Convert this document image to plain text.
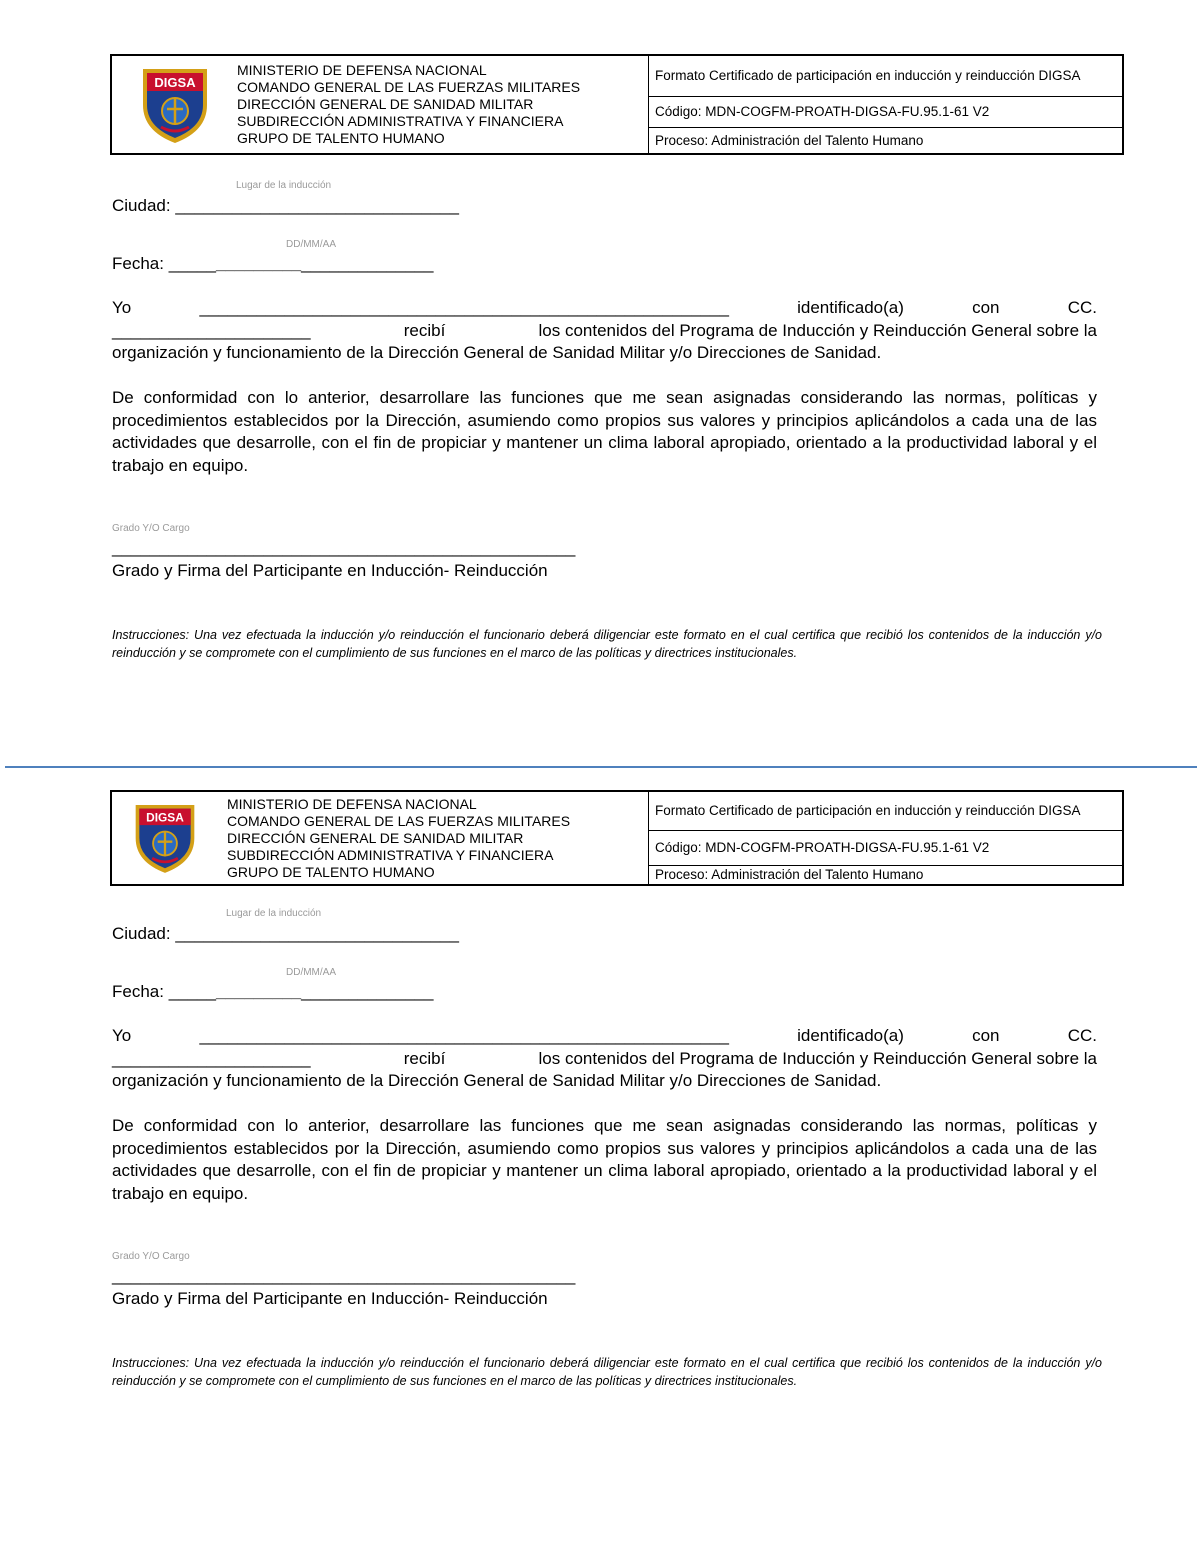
DIGSA
MINISTERIO DE DEFENSA NACIONAL
COMANDO GENERAL DE LAS FUERZAS MILITARES
DIRECCIÓN GENERAL DE SANIDAD MILITAR
SUBDIRECCIÓN ADMINISTRATIVA Y FINANCIERA
GRUPO DE TALENTO HUMANO
Formato Certificado de participación en inducción y reinducción DIGSA
Código: MDN-COGFM-PROATH-DIGSA-FU.95.1-61 V2
Proceso: Administración del Talento Humano
Lugar de la inducción
Ciudad: ______________________________
DD/MM/AA
Fecha: ____________________________
Yo	________________________________________________________	identificado(a)	con	CC.
_____________________	recibí	los contenidos del Programa de Inducción y Reinducción General sobre la
organización y funcionamiento de la Dirección General de Sanidad Militar y/o Direcciones de Sanidad.
De conformidad con lo anterior, desarrollare las funciones que me sean asignadas considerando las normas, políticas y procedimientos establecidos por la Dirección, asumiendo como propios sus valores y principios aplicándolos a cada una de las actividades que desarrolle, con el fin de propiciar y mantener un clima laboral apropiado, orientado a la productividad laboral y el trabajo en equipo.
Grado Y/O Cargo
_________________________________________________
Grado y Firma del Participante en Inducción- Reinducción
Instrucciones: Una vez efectuada la inducción y/o reinducción el funcionario deberá diligenciar este formato en el cual certifica que recibió los contenidos de la inducción y/o reinducción y se compromete con el cumplimiento de sus funciones en el marco de las políticas y directrices institucionales.
DIGSA
MINISTERIO DE DEFENSA NACIONAL
COMANDO GENERAL DE LAS FUERZAS MILITARES
DIRECCIÓN GENERAL DE SANIDAD MILITAR
SUBDIRECCIÓN ADMINISTRATIVA Y FINANCIERA
GRUPO DE TALENTO HUMANO
Formato Certificado de participación en inducción y reinducción DIGSA
Código: MDN-COGFM-PROATH-DIGSA-FU.95.1-61 V2
Proceso: Administración del Talento Humano
Lugar de la inducción
Ciudad: ______________________________
DD/MM/AA
Fecha: ____________________________
Yo	________________________________________________________	identificado(a)	con	CC.
_____________________	recibí	los contenidos del Programa de Inducción y Reinducción General sobre la
organización y funcionamiento de la Dirección General de Sanidad Militar y/o Direcciones de Sanidad.
De conformidad con lo anterior, desarrollare las funciones que me sean asignadas considerando las normas, políticas y procedimientos establecidos por la Dirección, asumiendo como propios sus valores y principios aplicándolos a cada una de las actividades que desarrolle, con el fin de propiciar y mantener un clima laboral apropiado, orientado a la productividad laboral y el trabajo en equipo.
Grado Y/O Cargo
_________________________________________________
Grado y Firma del Participante en Inducción- Reinducción
Instrucciones: Una vez efectuada la inducción y/o reinducción el funcionario deberá diligenciar este formato en el cual certifica que recibió los contenidos de la inducción y/o reinducción y se compromete con el cumplimiento de sus funciones en el marco de las políticas y directrices institucionales.
